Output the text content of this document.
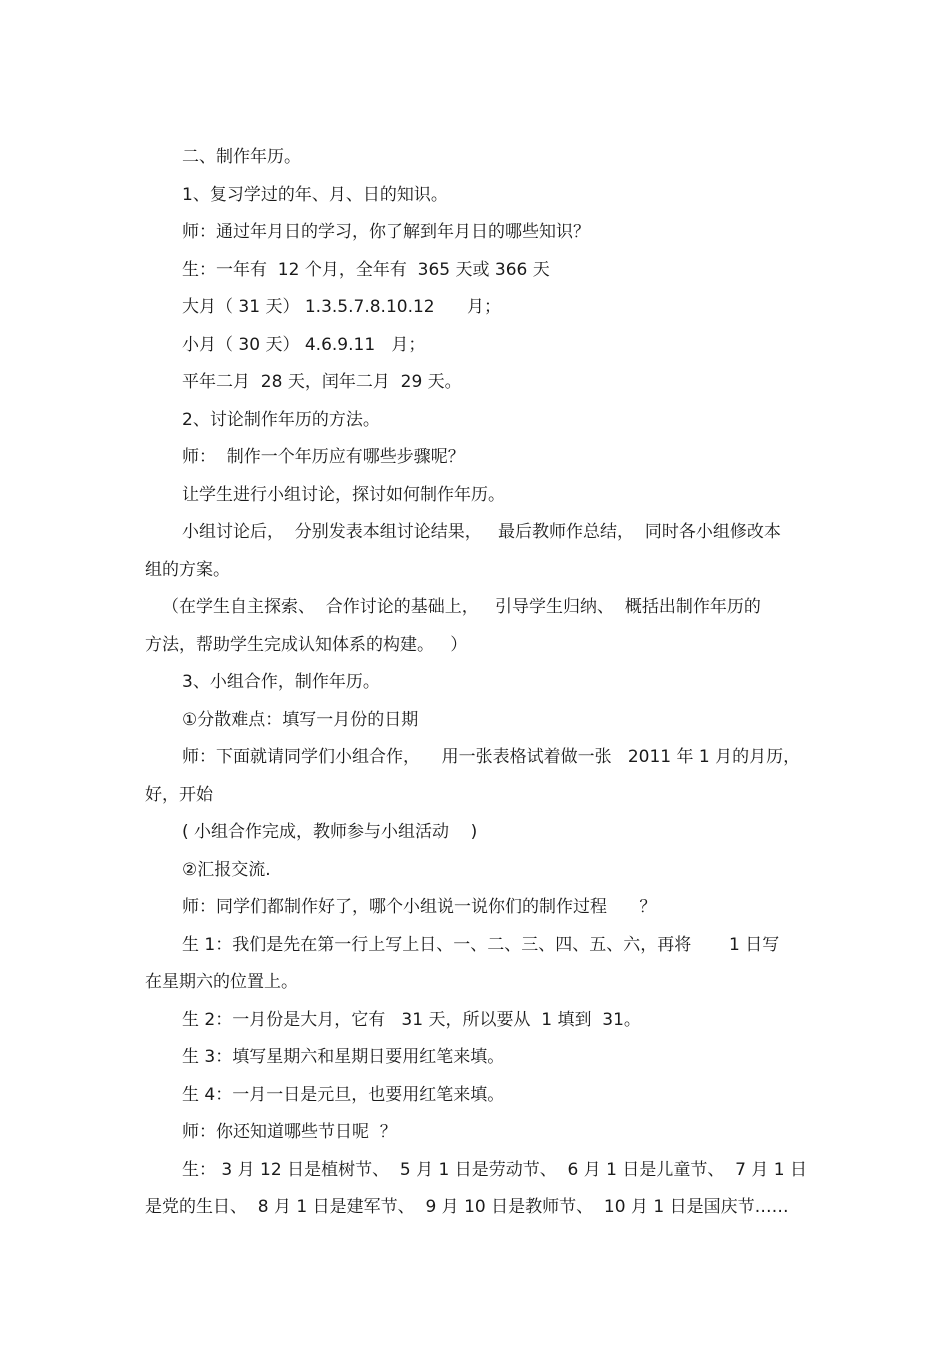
二、制作年历。
1、复习学过的年、月、日的知识。
师：通过年月日的学习，你了解到年月日的哪些知识？
生：一年有  12 个月，全年有  365 天或 366 天
大月（ 31 天） 1.3.5.7.8.10.12      月；
小月（ 30 天） 4.6.9.11   月；
平年二月  28 天，闰年二月  29 天。
2、讨论制作年历的方法。
师：  制作一个年历应有哪些步骤呢？
让学生进行小组讨论，探讨如何制作年历。
小组讨论后，  分别发表本组讨论结果，   最后教师作总结，  同时各小组修改本
组的方案。
（在学生自主探索、  合作讨论的基础上，   引导学生归纳、  概括出制作年历的
方法，帮助学生完成认知体系的构建。   ）
3、小组合作，制作年历。
①分散难点：填写一月份的日期
师：下面就请同学们小组合作，    用一张表格试着做一张   2011 年 1 月的月历，
好，开始
( 小组合作完成，教师参与小组活动    )
②汇报交流.
师：同学们都制作好了，哪个小组说一说你们的制作过程      ？
生 1：我们是先在第一行上写上日、一、二、三、四、五、六，再将       1 日写
在星期六的位置上。
生 2：一月份是大月，它有   31 天，所以要从  1 填到  31。
生 3：填写星期六和星期日要用红笔来填。
生 4：一月一日是元旦，也要用红笔来填。
师：你还知道哪些节日呢  ？
生： 3 月 12 日是植树节、  5 月 1 日是劳动节、  6 月 1 日是儿童节、  7 月 1 日
是党的生日、  8 月 1 日是建军节、  9 月 10 日是教师节、  10 月 1 日是国庆节……
